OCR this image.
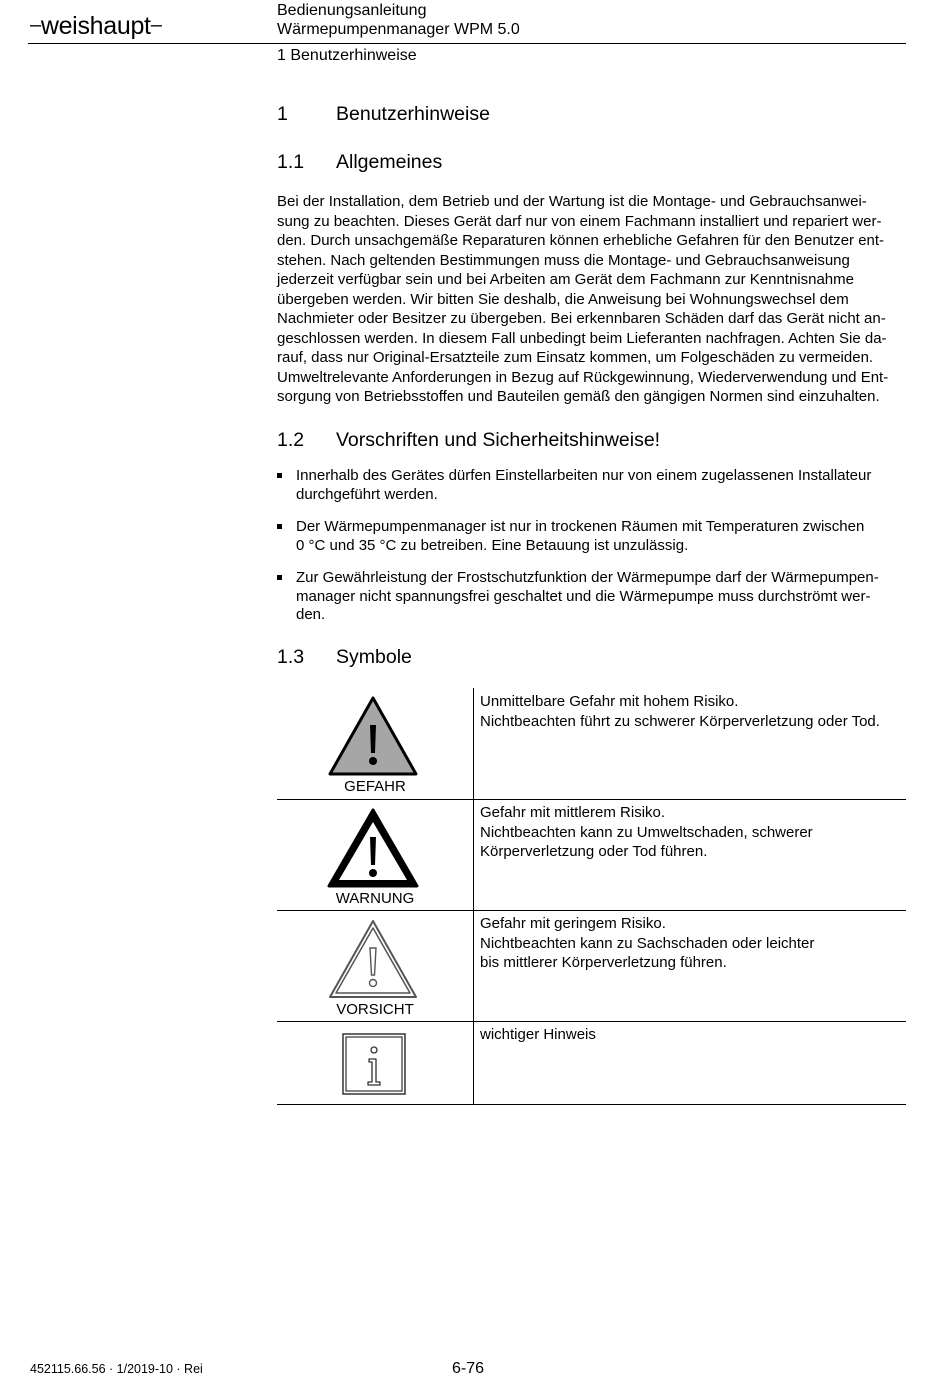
–weishaupt–
Bedienungsanleitung
Wärmepumpenmanager WPM 5.0
1 Benutzerhinweise
1 Benutzerhinweise
1.1 Allgemeines
Bei der Installation, dem Betrieb und der Wartung ist die Montage- und Gebrauchsanwei-
sung zu beachten. Dieses Gerät darf nur von einem Fachmann installiert und repariert wer-
den. Durch unsachgemäße Reparaturen können erhebliche Gefahren für den Benutzer ent-
stehen. Nach geltenden Bestimmungen muss die Montage- und Gebrauchsanweisung
jederzeit verfügbar sein und bei Arbeiten am Gerät dem Fachmann zur Kenntnisnahme
übergeben werden. Wir bitten Sie deshalb, die Anweisung bei Wohnungswechsel dem
Nachmieter oder Besitzer zu übergeben. Bei erkennbaren Schäden darf das Gerät nicht an-
geschlossen werden. In diesem Fall unbedingt beim Lieferanten nachfragen. Achten Sie da-
rauf, dass nur Original-Ersatzteile zum Einsatz kommen, um Folgeschäden zu vermeiden.
Umweltrelevante Anforderungen in Bezug auf Rückgewinnung, Wiederverwendung und Ent-
sorgung von Betriebsstoffen und Bauteilen gemäß den gängigen Normen sind einzuhalten.
1.2 Vorschriften und Sicherheitshinweise!
Innerhalb des Gerätes dürfen Einstellarbeiten nur von einem zugelassenen Installateur
durchgeführt werden.
Der Wärmepumpenmanager ist nur in trockenen Räumen mit Temperaturen zwischen
0 °C und 35 °C zu betreiben. Eine Betauung ist unzulässig.
Zur Gewährleistung der Frostschutzfunktion der Wärmepumpe darf der Wärmepumpen-
manager nicht spannungsfrei geschaltet und die Wärmepumpe muss durchströmt wer-
den.
1.3 Symbole
GEFAHR
Unmittelbare Gefahr mit hohem Risiko.
Nichtbeachten führt zu schwerer Körperverletzung oder Tod.
WARNUNG
Gefahr mit mittlerem Risiko.
Nichtbeachten kann zu Umweltschaden, schwerer
Körperverletzung oder Tod führen.
VORSICHT
Gefahr mit geringem Risiko.
Nichtbeachten kann zu Sachschaden oder leichter
bis mittlerer Körperverletzung führen.
wichtiger Hinweis
452115.66.56 · 1/2019-10 · Rei	6-76
